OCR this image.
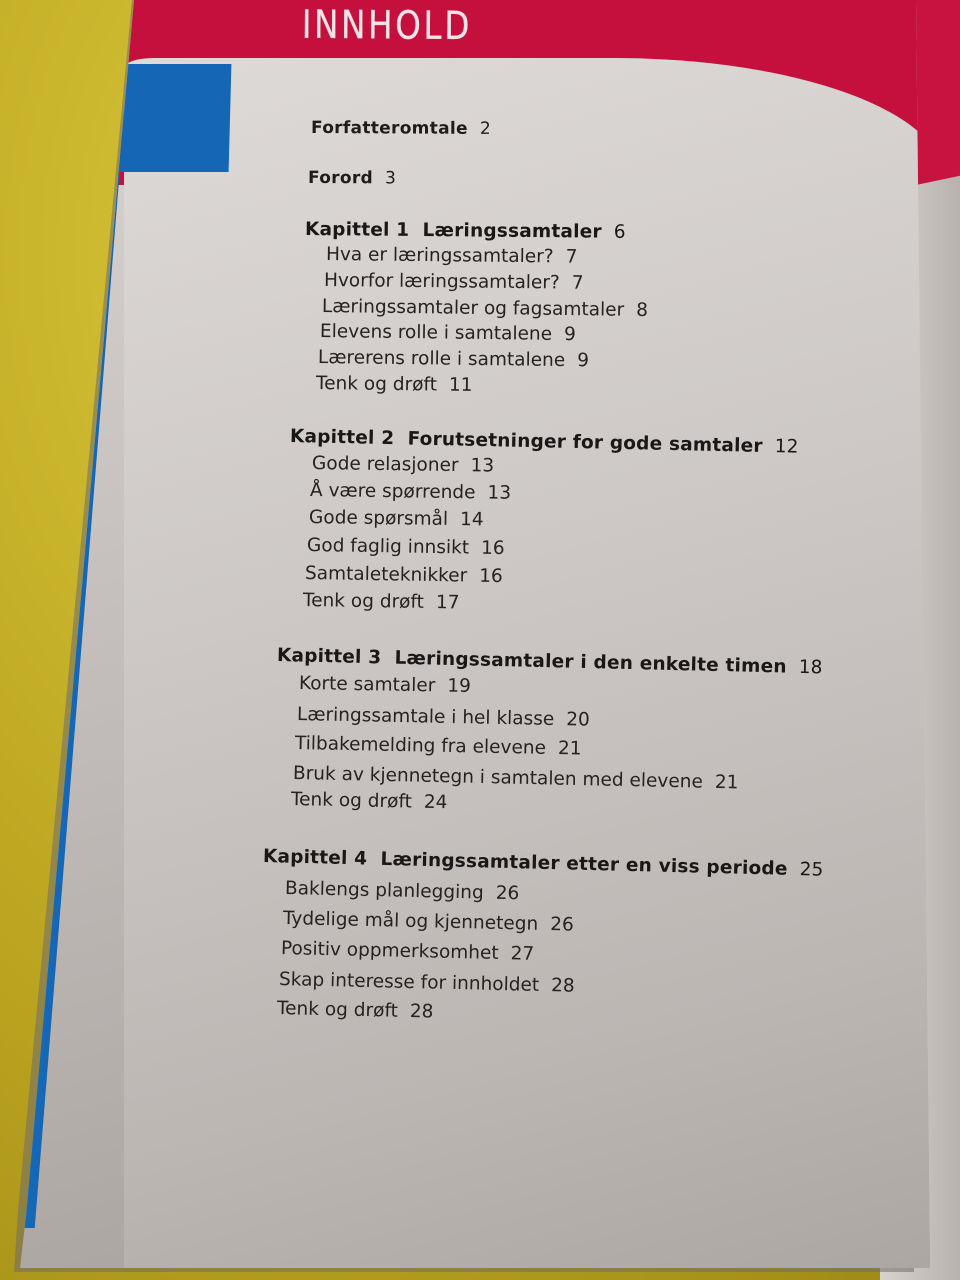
INNHOLD
Forfatteromtale 2
Forord 3
Kapittel 1 Læringssamtaler 6
Hva er læringssamtaler? 7
Hvorfor læringssamtaler? 7
Læringssamtaler og fagsamtaler 8
Elevens rolle i samtalene 9
Lærerens rolle i samtalene 9
Tenk og drøft 11
Kapittel 2 Forutsetninger for gode samtaler 12
Gode relasjoner 13
Å være spørrende 13
Gode spørsmål 14
God faglig innsikt 16
Samtaleteknikker 16
Tenk og drøft 17
Kapittel 3 Læringssamtaler i den enkelte timen 18
Korte samtaler 19
Læringssamtale i hel klasse 20
Tilbakemelding fra elevene 21
Bruk av kjennetegn i samtalen med elevene 21
Tenk og drøft 24
Kapittel 4 Læringssamtaler etter en viss periode 25
Baklengs planlegging 26
Tydelige mål og kjennetegn 26
Positiv oppmerksomhet 27
Skap interesse for innholdet 28
Tenk og drøft 28
